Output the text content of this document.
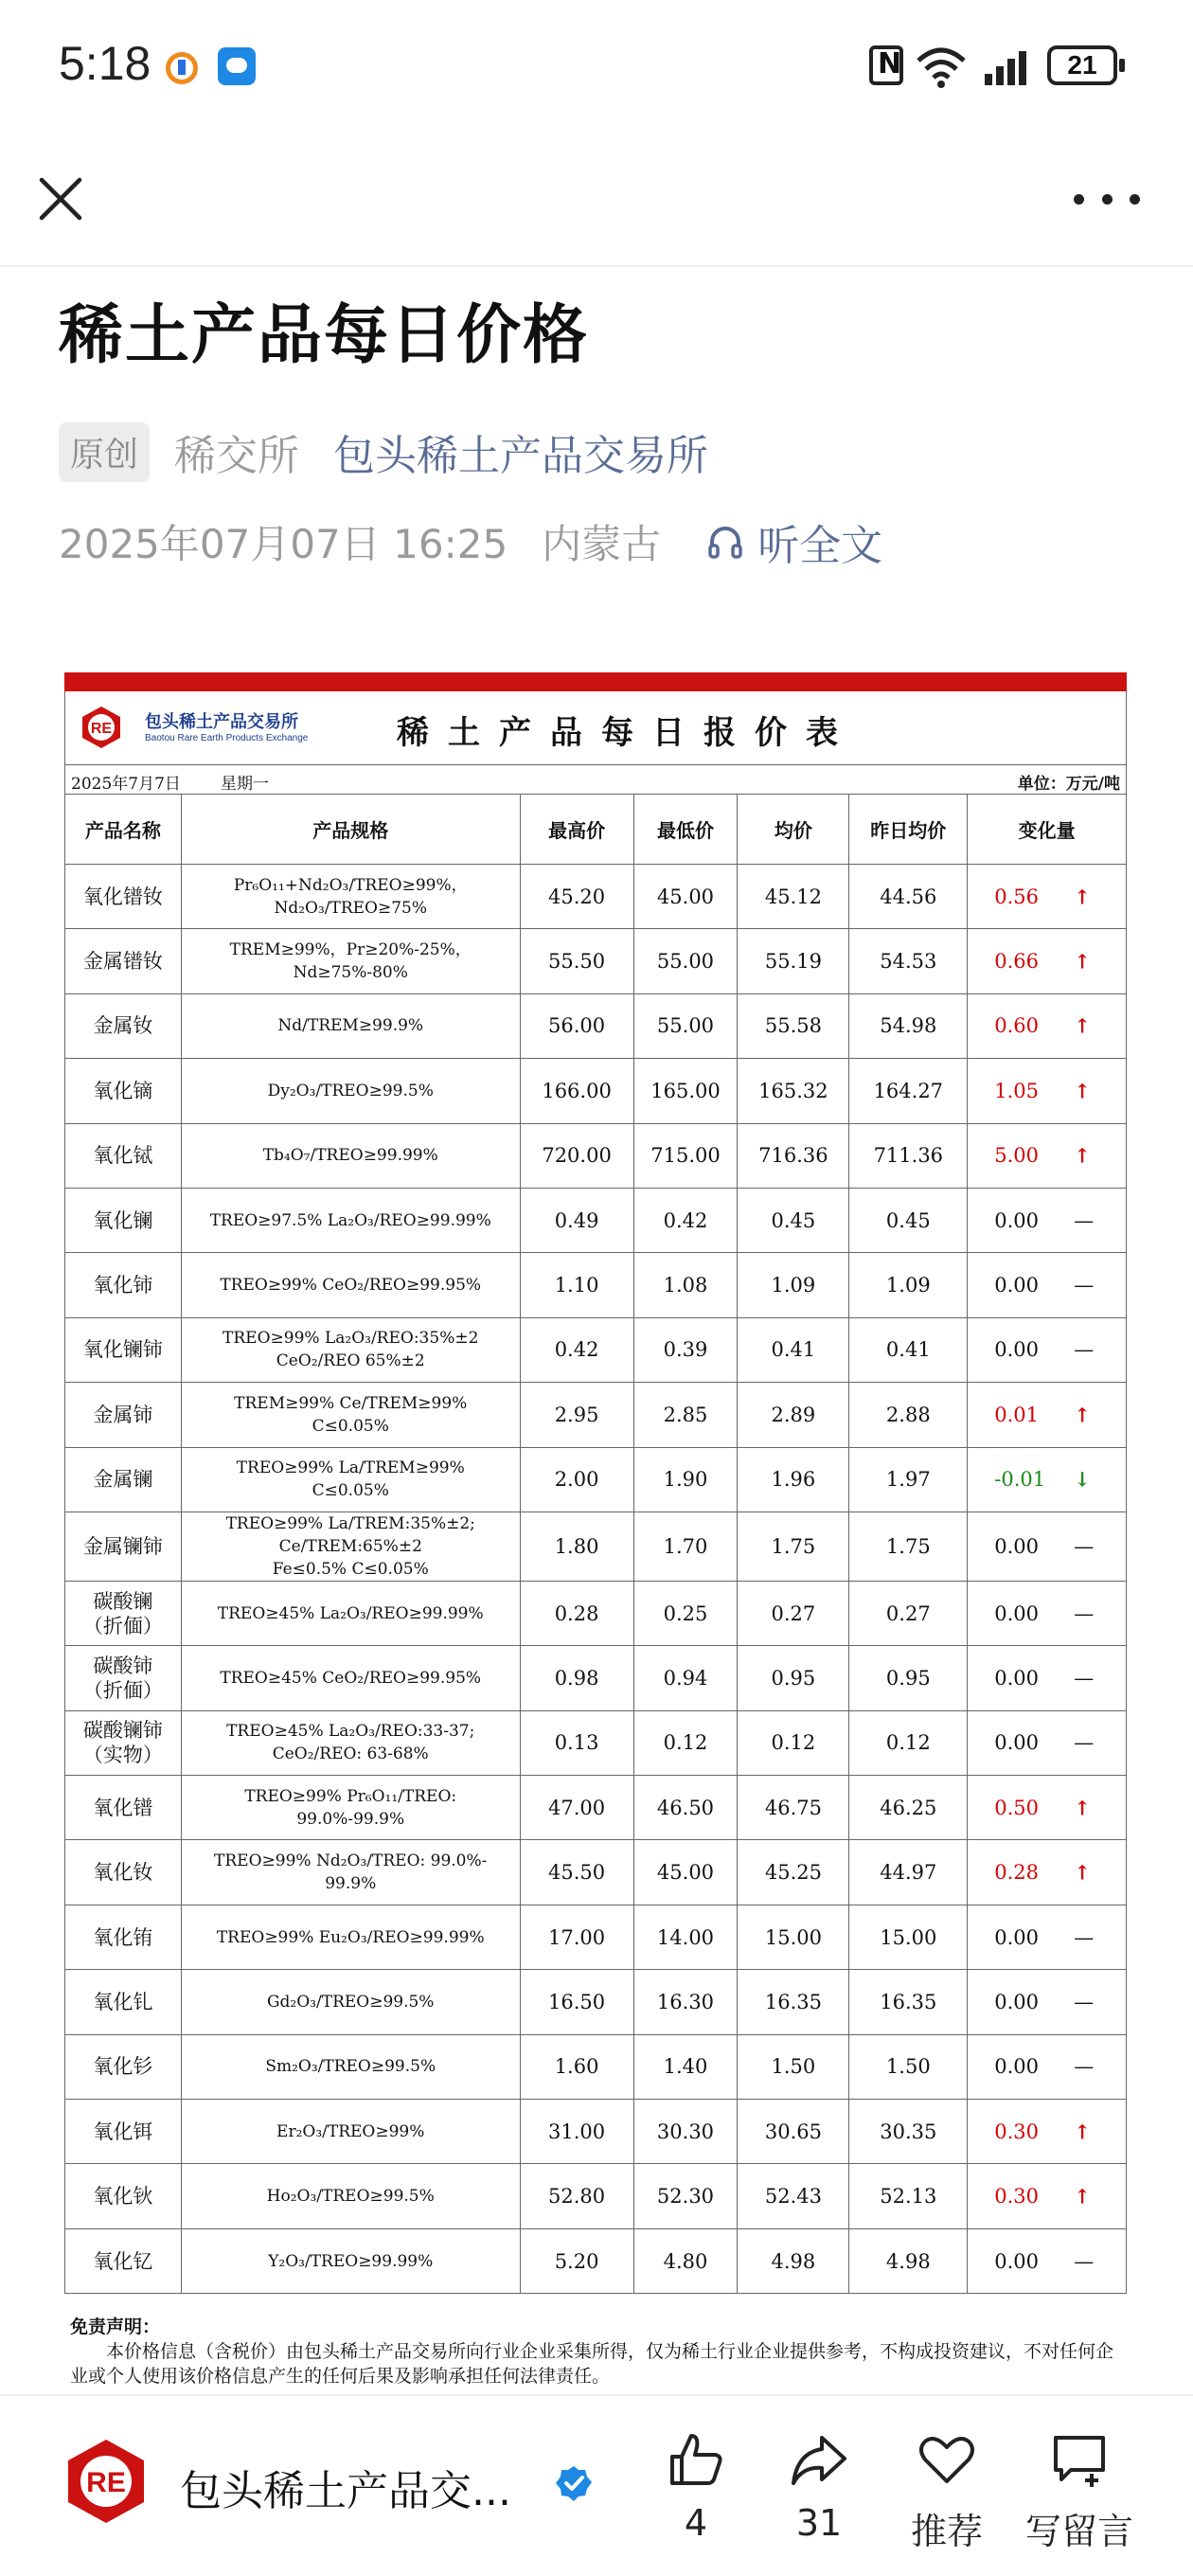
5:18 N	21
稀土产品每日价格
原创 稀交所 包头稀土产品交易所
2025年07月07日 16:25 内蒙古 听全文
RE 包头稀土产品交易所
Baotou Rare Earth Products Exchange	稀土产品每日报价表
2025年7月7日 星期一	单位：万元/吨
产品名称	产品规格	最高价	最低价	均价	昨日均价	变化量
氧化镨钕	Pr₆O₁₁+Nd₂O₃/TREO≥99%，
Nd₂O₃/TREO≥75%	45.20	45.00	45.12	44.56	0.56 ↑

金属镨钕	TREM≥99%，Pr≥20%-25%，
Nd≥75%-80%	55.50	55.00	55.19	54.53	0.66 ↑

金属钕	Nd/TREM≥99.9%	56.00	55.00	55.58	54.98	0.60 ↑

氧化镝	Dy₂O₃/TREO≥99.5%	166.00	165.00	165.32	164.27	1.05 ↑

氧化铽	Tb₄O₇/TREO≥99.99%	720.00	715.00	716.36	711.36	5.00 ↑

氧化镧	TREO≥97.5% La₂O₃/REO≥99.99%	0.49	0.42	0.45	0.45	0.00 —

氧化铈	TREO≥99% CeO₂/REO≥99.95%	1.10	1.08	1.09	1.09	0.00 —

氧化镧铈	TREO≥99% La₂O₃/REO:35%±2
CeO₂/REO 65%±2	0.42	0.39	0.41	0.41	0.00 —

金属铈	TREM≥99% Ce/TREM≥99%
C≤0.05%	2.95	2.85	2.89	2.88	0.01 ↑

金属镧	TREO≥99% La/TREM≥99%
C≤0.05%	2.00	1.90	1.96	1.97	-0.01 ↓

金属镧铈	TREO≥99% La/TREM:35%±2;
Ce/TREM:65%±2
Fe≤0.5% C≤0.05%	1.80	1.70	1.75	1.75	0.00 —

碳酸镧
（折偭）	TREO≥45% La₂O₃/REO≥99.99%	0.28	0.25	0.27	0.27	0.00 —

碳酸铈
（折偭）	TREO≥45% CeO₂/REO≥99.95%	0.98	0.94	0.95	0.95	0.00 —

碳酸镧铈
（实物）	TREO≥45% La₂O₃/REO:33-37;
CeO₂/REO: 63-68%	0.13	0.12	0.12	0.12	0.00 —

氧化镨	TREO≥99% Pr₆O₁₁/TREO:
99.0%-99.9%	47.00	46.50	46.75	46.25	0.50 ↑

氧化钕	TREO≥99% Nd₂O₃/TREO: 99.0%-
99.9%	45.50	45.00	45.25	44.97	0.28 ↑

氧化铕	TREO≥99% Eu₂O₃/REO≥99.99%	17.00	14.00	15.00	15.00	0.00 —

氧化钆	Gd₂O₃/TREO≥99.5%	16.50	16.30	16.35	16.35	0.00 —

氧化钐	Sm₂O₃/TREO≥99.5%	1.60	1.40	1.50	1.50	0.00 —

氧化铒	Er₂O₃/TREO≥99%	31.00	30.30	30.65	30.35	0.30 ↑

氧化钬	Ho₂O₃/TREO≥99.5%	52.80	52.30	52.43	52.13	0.30 ↑

氧化钇	Y₂O₃/TREO≥99.99%	5.20	4.80	4.98	4.98	0.00 —
免责声明：
本价格信息（含税价）由包头稀土产品交易所向行业企业采集所得，仅为稀土行业企业提供参考，不构成投资建议，不对任何企业或个人使用该价格信息产生的任何后果及影响承担任何法律责任。
RE 包头稀土产品交...
4	31	推荐	写留言
